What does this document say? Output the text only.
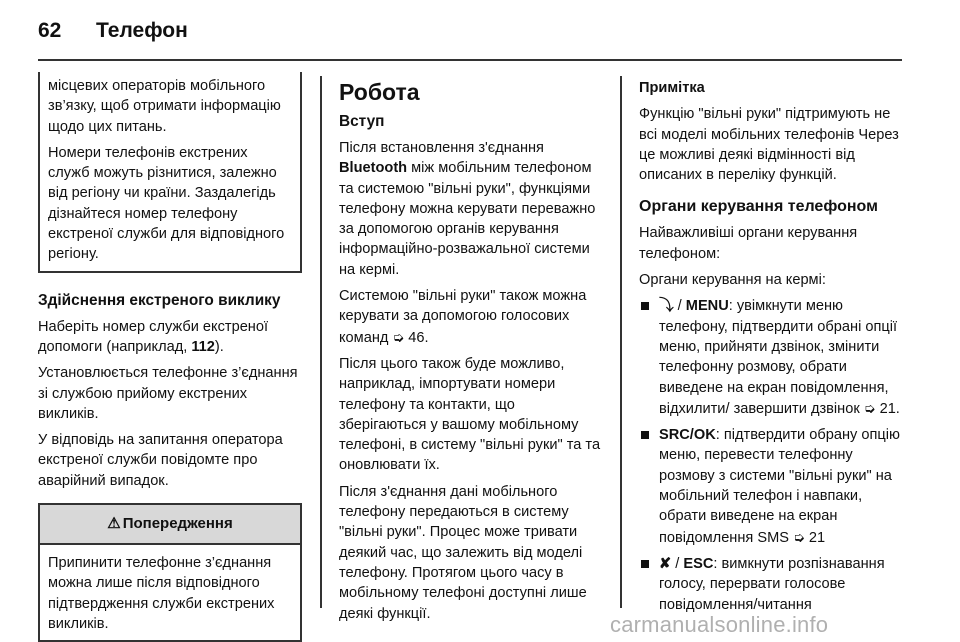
62	Телефон

місцевих операторів мобільного зв’язку, щоб отримати інформацію щодо цих питань.

Номери телефонів екстрених служб можуть різнитися, залежно від регіону чи країни. Заздалегідь дізнайтеся номер телефону екстреної служби для відповідного регіону.

Здійснення екстреного виклику

Наберіть номер служби екстреної допомоги (наприклад, 112).

Установлюється телефонне з’єднання зі службою прийому екстрених викликів.

У відповідь на запитання оператора екстреної служби повідомте про аварійний випадок.

⚠ Попередження
Припинити телефонне з’єднання можна лише після відповідного підтвердження служби екстрених викликів.

Робота

Вступ

Після встановлення з'єднання
Bluetooth між мобільним телефоном та системою "вільні руки", функціями телефону можна керувати переважно за допомогою органів керування інформаційно-розважальної системи на кермі.

Системою "вільні руки" також можна керувати за допомогою голосових команд ➭ 46.

Після цього також буде можливо, наприклад, імпортувати номери телефону та контакти, що зберігаються у вашому мобільному телефоні, в систему "вільні руки" та та оновлювати їх.

Після з'єднання дані мобільного телефону передаються в систему "вільні руки". Процес може тривати деякий час, що залежить від моделі телефону. Протягом цього часу в мобільному телефоні доступні лише деякі функції.

Примітка

Функцію "вільні руки" підтримують не всі моделі мобільних телефонів Через це можливі деякі відмінності від описаних в переліку функцій.

Органи керування телефоном

Найважливіші органи керування телефоном:

Органи керування на кермі:

⤵ / MENU: увімкнути меню телефону, підтвердити обрані опції меню, прийняти дзвінок, змінити телефонну розмову, обрати виведене на екран повідомлення, відхилити/ завершити дзвінок ➭ 21.
SRC/OK: підтвердити обрану опцію меню, перевести телефонну розмову з системи "вільні руки" на мобільний телефон і навпаки, обрати виведене на екран повідомлення SMS ➭ 21
✘ / ESC: вимкнути розпізнавання голосу, перервати голосове повідомлення/читання
carmanualsonline.info
